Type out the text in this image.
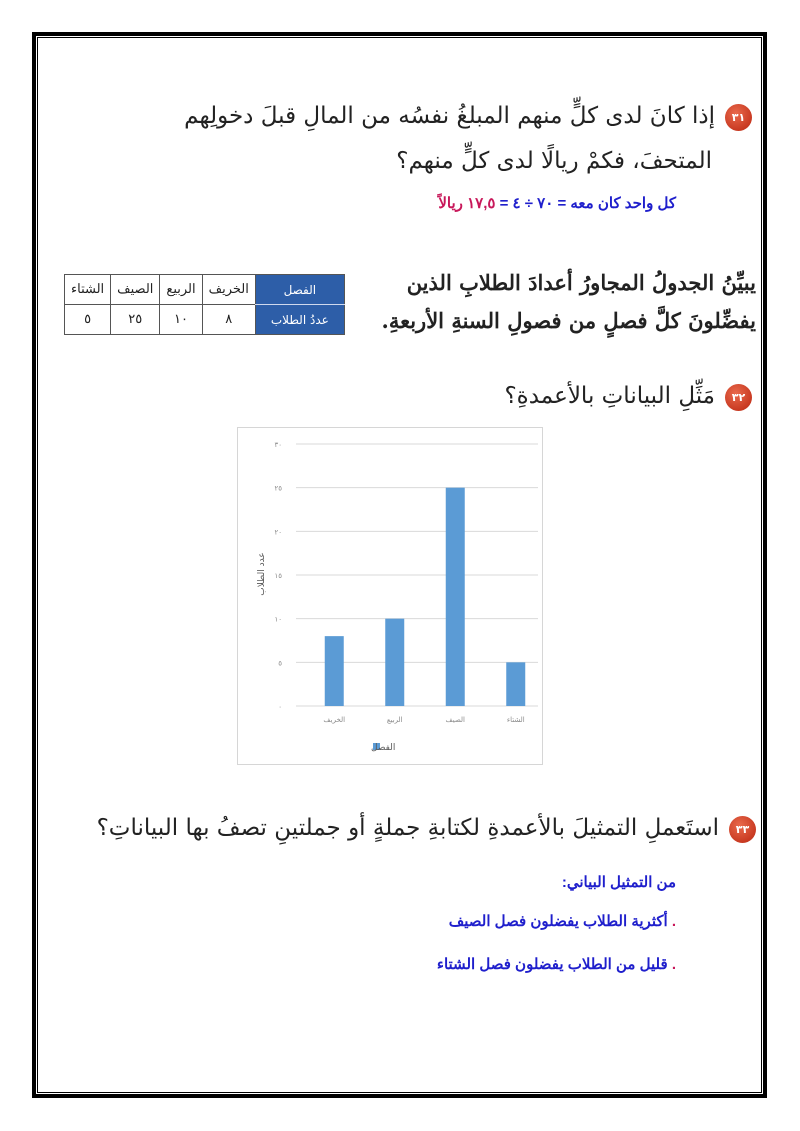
٣١إذا كانَ لدى كلٍّ منهم المبلغُ نفسُه من المالِ قبلَ دخولِهم
المتحفَ، فكمْ ريالًا لدى كلٍّ منهم؟
كل واحد كان معه = ٧٠ ÷ ٤ = ١٧,٥ ريالاً
يبيِّنُ الجدولُ المجاورُ أعدادَ الطلابِ الذين
يفضِّلونَ كلَّ فصلٍ من فصولِ السنةِ الأربعةِ.
الفصل	الخريف	الربيع	الصيف	الشتاء
عددُ الطلاب	٨	١٠	٢٥	٥
٣٢مَثِّلِ البياناتِ بالأعمدةِ؟
٠
٥
١٠
١٥
٢٠
٢٥
٣٠
الخريف	الربيع	الصيف	الشتاء
عدد الطلاب
الفصل
٣٣استَعملِ التمثيلَ بالأعمدةِ لكتابةِ جملةٍ أو جملتينِ تصفُ بها البياناتِ؟
من التمثيل البياني:
. أكثرية الطلاب يفضلون فصل الصيف
. قليل من الطلاب يفضلون فصل الشتاء
